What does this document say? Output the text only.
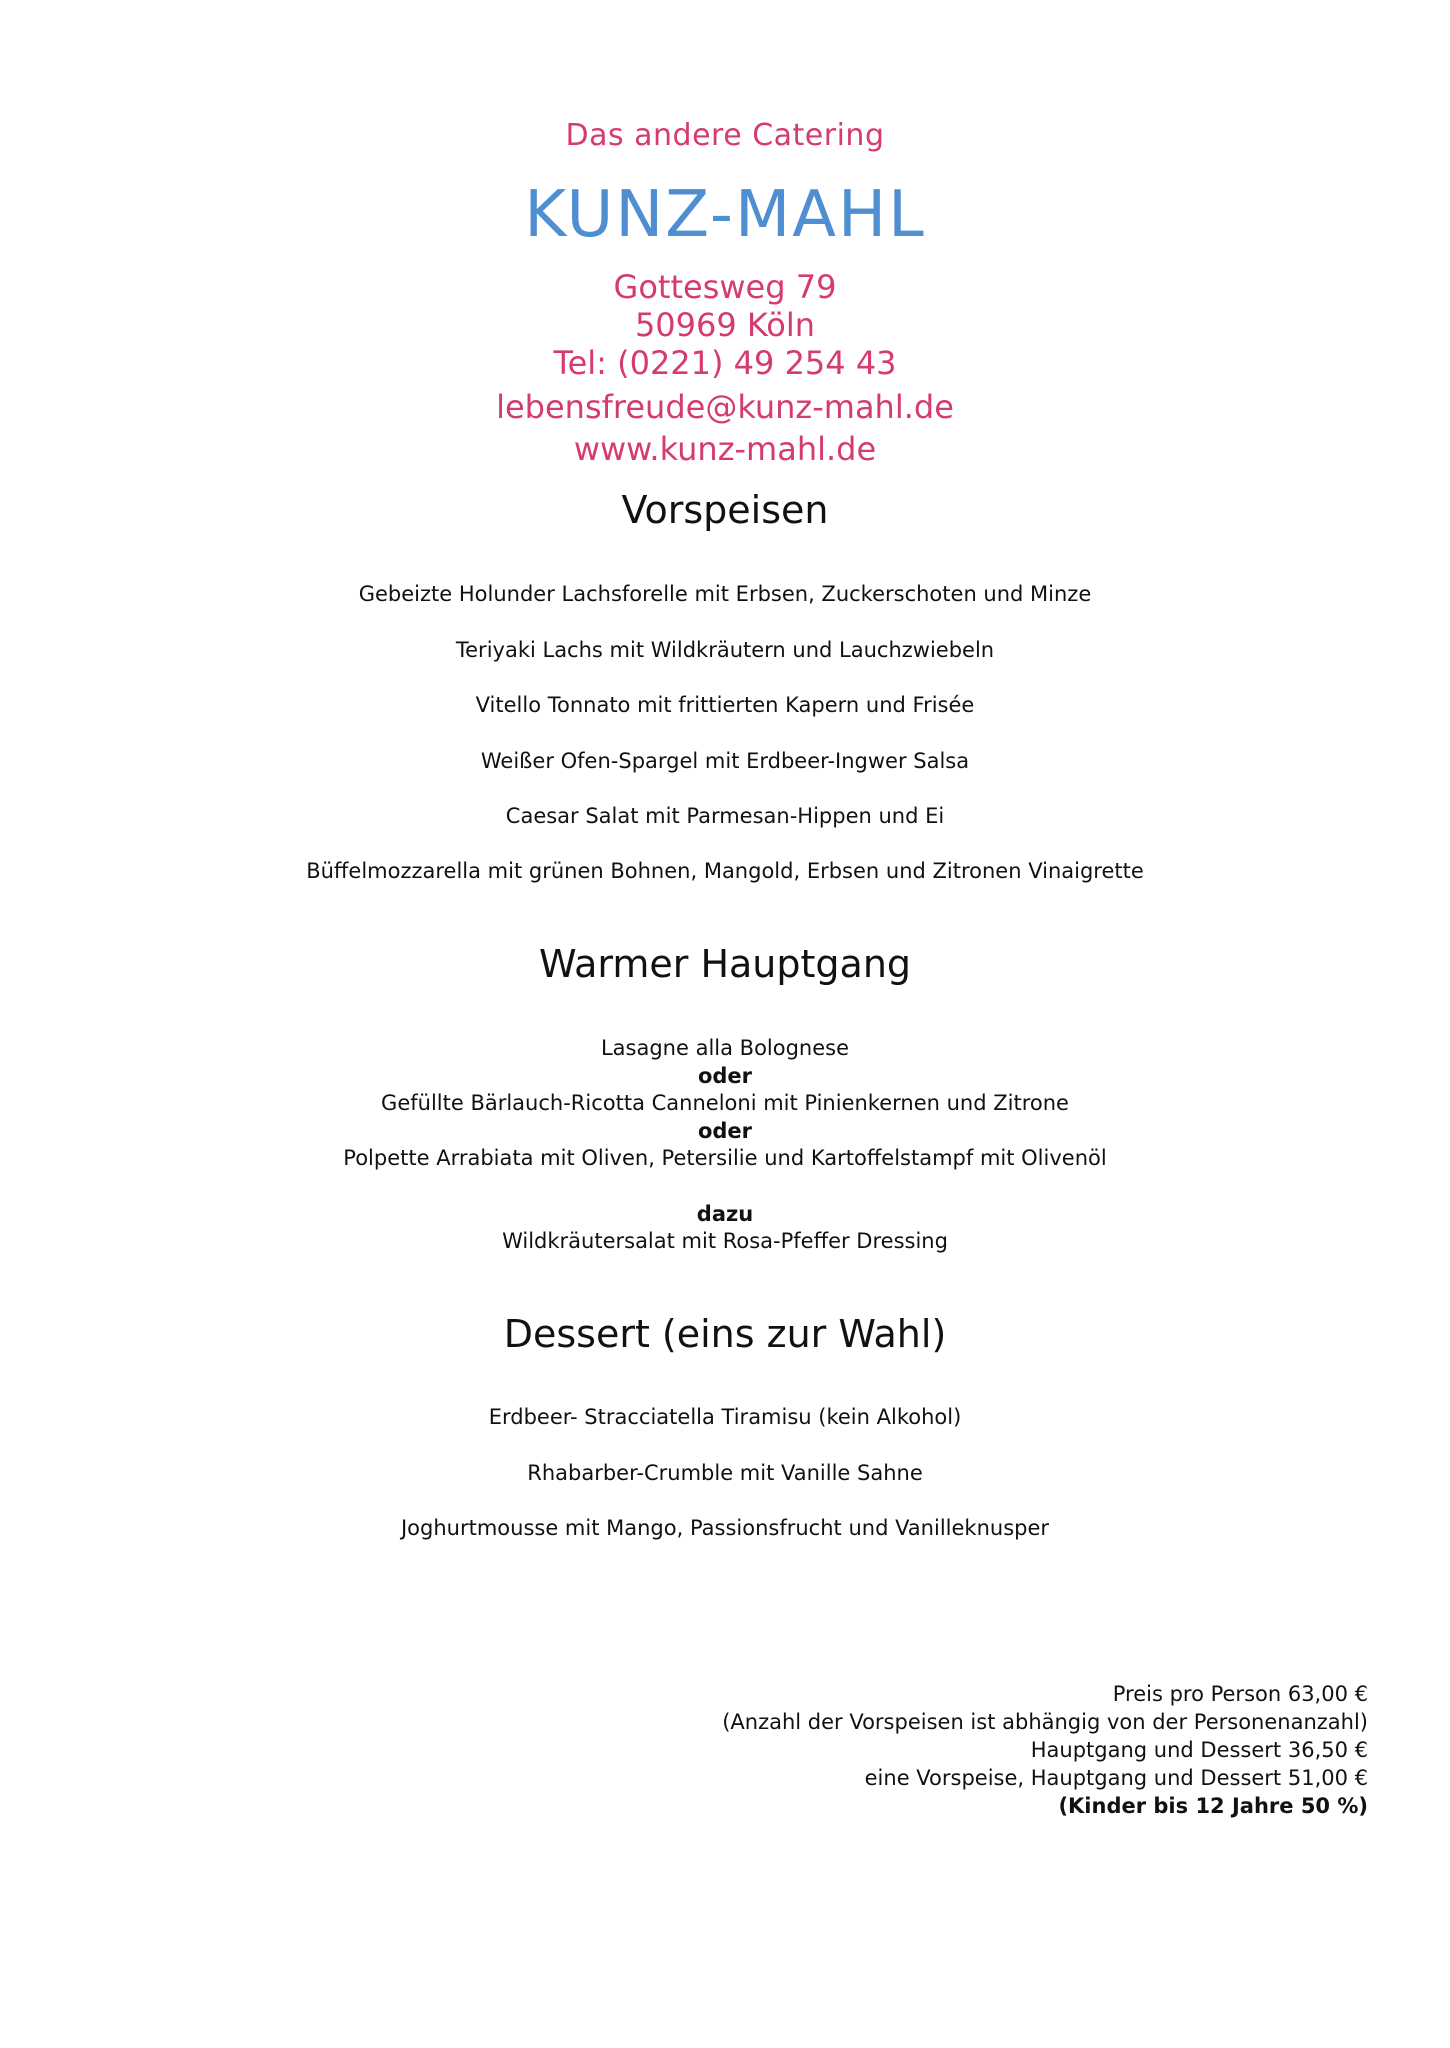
Das andere Catering
KUNZ-MAHL
Gottesweg 79
50969 Köln
Tel: (0221) 49 254 43
lebensfreude@kunz-mahl.de
www.kunz-mahl.de
Vorspeisen
Gebeizte Holunder Lachsforelle mit Erbsen, Zuckerschoten und Minze
Teriyaki Lachs mit Wildkräutern und Lauchzwiebeln
Vitello Tonnato mit frittierten Kapern und Frisée
Weißer Ofen-Spargel mit Erdbeer-Ingwer Salsa
Caesar Salat mit Parmesan-Hippen und Ei
Büffelmozzarella mit grünen Bohnen, Mangold, Erbsen und Zitronen Vinaigrette
Warmer Hauptgang
Lasagne alla Bolognese
oder
Gefüllte Bärlauch-Ricotta Canneloni mit Pinienkernen und Zitrone
oder
Polpette Arrabiata mit Oliven, Petersilie und Kartoffelstampf mit Olivenöl
dazu
Wildkräutersalat mit Rosa-Pfeffer Dressing
Dessert (eins zur Wahl)
Erdbeer- Stracciatella Tiramisu (kein Alkohol)
Rhabarber-Crumble mit Vanille Sahne
Joghurtmousse mit Mango, Passionsfrucht und Vanilleknusper
Preis pro Person 63,00 €
(Anzahl der Vorspeisen ist abhängig von der Personenanzahl)
Hauptgang und Dessert 36,50 €
eine Vorspeise, Hauptgang und Dessert 51,00 €
(Kinder bis 12 Jahre 50 %)
